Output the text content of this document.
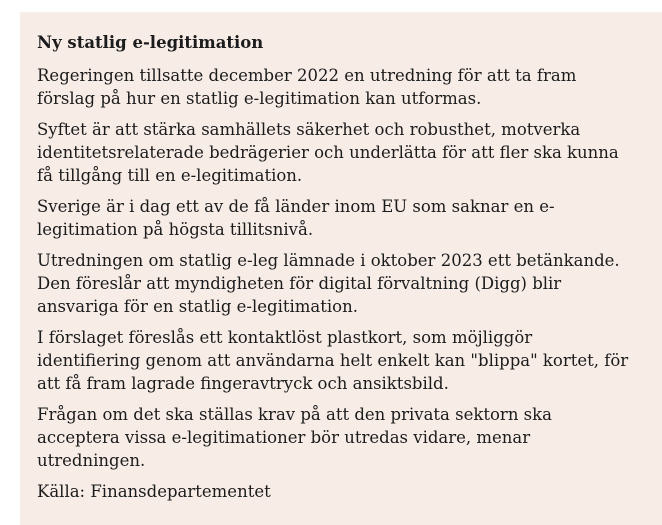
Ny statlig e-legitimation

Regeringen tillsatte december 2022 en utredning för att ta fram förslag på hur en statlig e-legitimation kan utformas.

Syftet är att stärka samhällets säkerhet och robusthet, motverka identitetsrelaterade bedrägerier och underlätta för att fler ska kunna få tillgång till en e-legitimation.

Sverige är i dag ett av de få länder inom EU som saknar en e-legitimation på högsta tillitsnivå.

Utredningen om statlig e-leg lämnade i oktober 2023 ett betänkande. Den föreslår att myndigheten för digital förvaltning (Digg) blir ansvariga för en statlig e-legitimation.

I förslaget föreslås ett kontaktlöst plastkort, som möjliggör identifiering genom att användarna helt enkelt kan "blippa" kortet, för att få fram lagrade fingeravtryck och ansiktsbild.

Frågan om det ska ställas krav på att den privata sektorn ska acceptera vissa e-legitimationer bör utredas vidare, menar
utredningen.

Källa: Finansdepartementet
